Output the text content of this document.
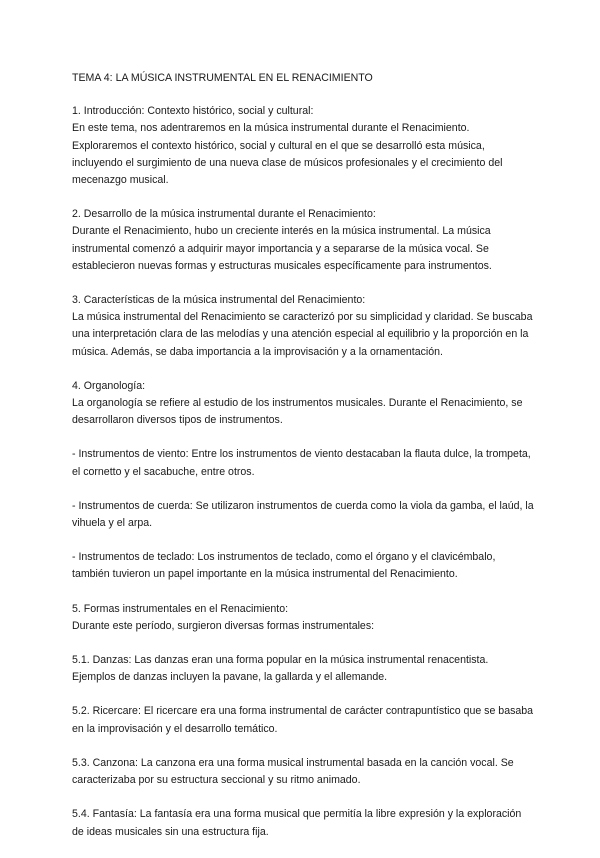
TEMA 4: LA MÚSICA INSTRUMENTAL EN EL RENACIMIENTO

1. Introducción: Contexto histórico, social y cultural:

En este tema, nos adentraremos en la música instrumental durante el Renacimiento. Exploraremos el contexto histórico, social y cultural en el que se desarrolló esta música, incluyendo el surgimiento de una nueva clase de músicos profesionales y el crecimiento del mecenazgo musical.

2. Desarrollo de la música instrumental durante el Renacimiento:

Durante el Renacimiento, hubo un creciente interés en la música instrumental. La música instrumental comenzó a adquirir mayor importancia y a separarse de la música vocal. Se establecieron nuevas formas y estructuras musicales específicamente para instrumentos.

3. Características de la música instrumental del Renacimiento:

La música instrumental del Renacimiento se caracterizó por su simplicidad y claridad. Se buscaba una interpretación clara de las melodías y una atención especial al equilibrio y la proporción en la música. Además, se daba importancia a la improvisación y a la ornamentación.

4. Organología:

La organología se refiere al estudio de los instrumentos musicales. Durante el Renacimiento, se desarrollaron diversos tipos de instrumentos.

- Instrumentos de viento: Entre los instrumentos de viento destacaban la flauta dulce, la trompeta, el cornetto y el sacabuche, entre otros.

- Instrumentos de cuerda: Se utilizaron instrumentos de cuerda como la viola da gamba, el laúd, la vihuela y el arpa.

- Instrumentos de teclado: Los instrumentos de teclado, como el órgano y el clavicémbalo, también tuvieron un papel importante en la música instrumental del Renacimiento.

5. Formas instrumentales en el Renacimiento:

Durante este período, surgieron diversas formas instrumentales:

5.1. Danzas: Las danzas eran una forma popular en la música instrumental renacentista. Ejemplos de danzas incluyen la pavane, la gallarda y el allemande.

5.2. Ricercare: El ricercare era una forma instrumental de carácter contrapuntístico que se basaba en la improvisación y el desarrollo temático.

5.3. Canzona: La canzona era una forma musical instrumental basada en la canción vocal. Se caracterizaba por su estructura seccional y su ritmo animado.

5.4. Fantasía: La fantasía era una forma musical que permitía la libre expresión y la exploración de ideas musicales sin una estructura fija.
